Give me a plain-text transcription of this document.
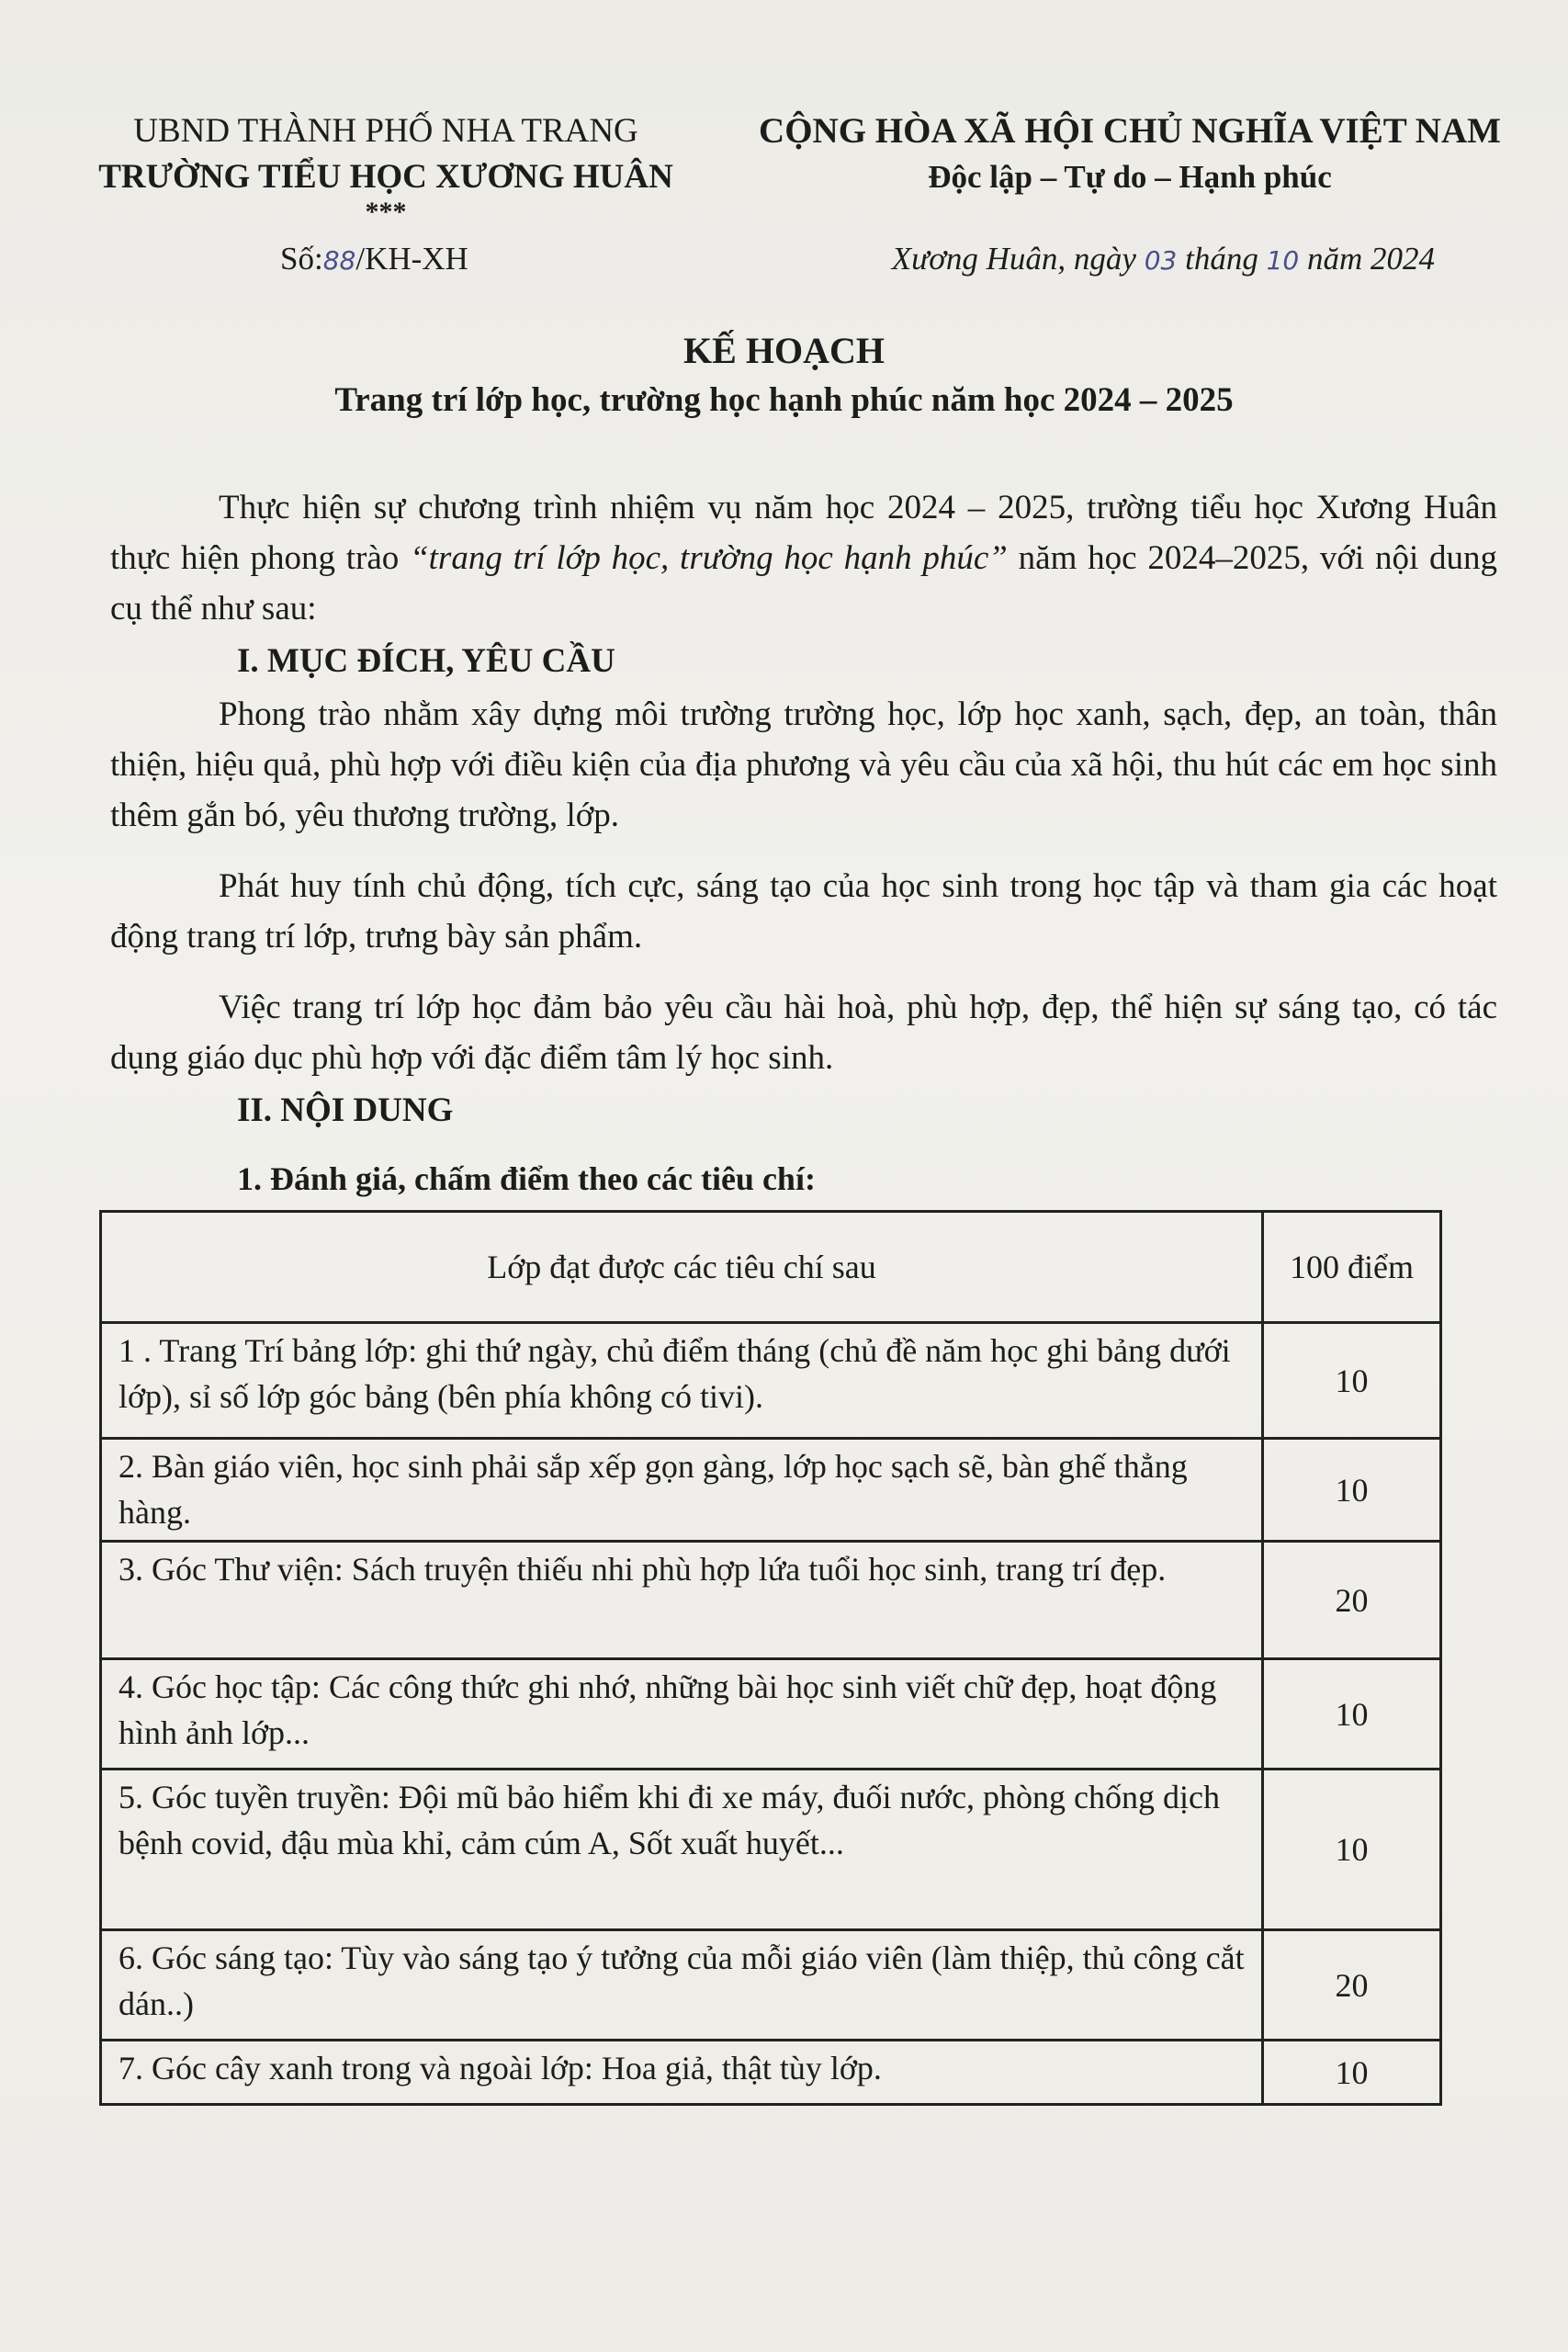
UBND THÀNH PHỐ NHA TRANG
TRƯỜNG TIỂU HỌC XƯƠNG HUÂN
***
CỘNG HÒA XÃ HỘI CHỦ NGHĨA VIỆT NAM
Độc lập – Tự do – Hạnh phúc
Số:88/KH-XH	Xương Huân, ngày 03 tháng 10 năm 2024
KẾ HOẠCH
Trang trí lớp học, trường học hạnh phúc năm học 2024 – 2025

Thực hiện sự chương trình nhiệm vụ năm học 2024 – 2025, trường tiểu học Xương Huân thực hiện phong trào “trang trí lớp học, trường học hạnh phúc” năm học 2024–2025, với nội dung cụ thể như sau:

I. MỤC ĐÍCH, YÊU CẦU

Phong trào nhằm xây dựng môi trường trường học, lớp học xanh, sạch, đẹp, an toàn, thân thiện, hiệu quả, phù hợp với điều kiện của địa phương và yêu cầu của xã hội, thu hút các em học sinh thêm gắn bó, yêu thương trường, lớp.

Phát huy tính chủ động, tích cực, sáng tạo của học sinh trong học tập và tham gia các hoạt động trang trí lớp, trưng bày sản phẩm.

Việc trang trí lớp học đảm bảo yêu cầu hài hoà, phù hợp, đẹp, thể hiện sự sáng tạo, có tác dụng giáo dục phù hợp với đặc điểm tâm lý học sinh.

II. NỘI DUNG
1. Đánh giá, chấm điểm theo các tiêu chí:
Lớp đạt được các tiêu chí sau	100 điểm
1 . Trang Trí bảng lớp: ghi thứ ngày, chủ điểm tháng (chủ đề năm học ghi bảng dưới lớp), sỉ số lớp góc bảng (bên phía không có tivi).	10
2. Bàn giáo viên, học sinh phải sắp xếp gọn gàng, lớp học sạch sẽ, bàn ghế thẳng hàng.	10
3. Góc Thư viện: Sách truyện thiếu nhi phù hợp lứa tuổi học sinh, trang trí đẹp.	20
4. Góc học tập: Các công thức ghi nhớ, những bài học sinh viết chữ đẹp, hoạt động hình ảnh lớp...	10
5. Góc tuyền truyền: Đội mũ bảo hiểm khi đi xe máy, đuối nước, phòng chống dịch bệnh covid, đậu mùa khỉ, cảm cúm A, Sốt xuất huyết...	10
6. Góc sáng tạo: Tùy vào sáng tạo ý tưởng của mỗi giáo viên (làm thiệp, thủ công cắt dán..)	20
7. Góc cây xanh trong và ngoài lớp: Hoa giả, thật tùy lớp.	10
